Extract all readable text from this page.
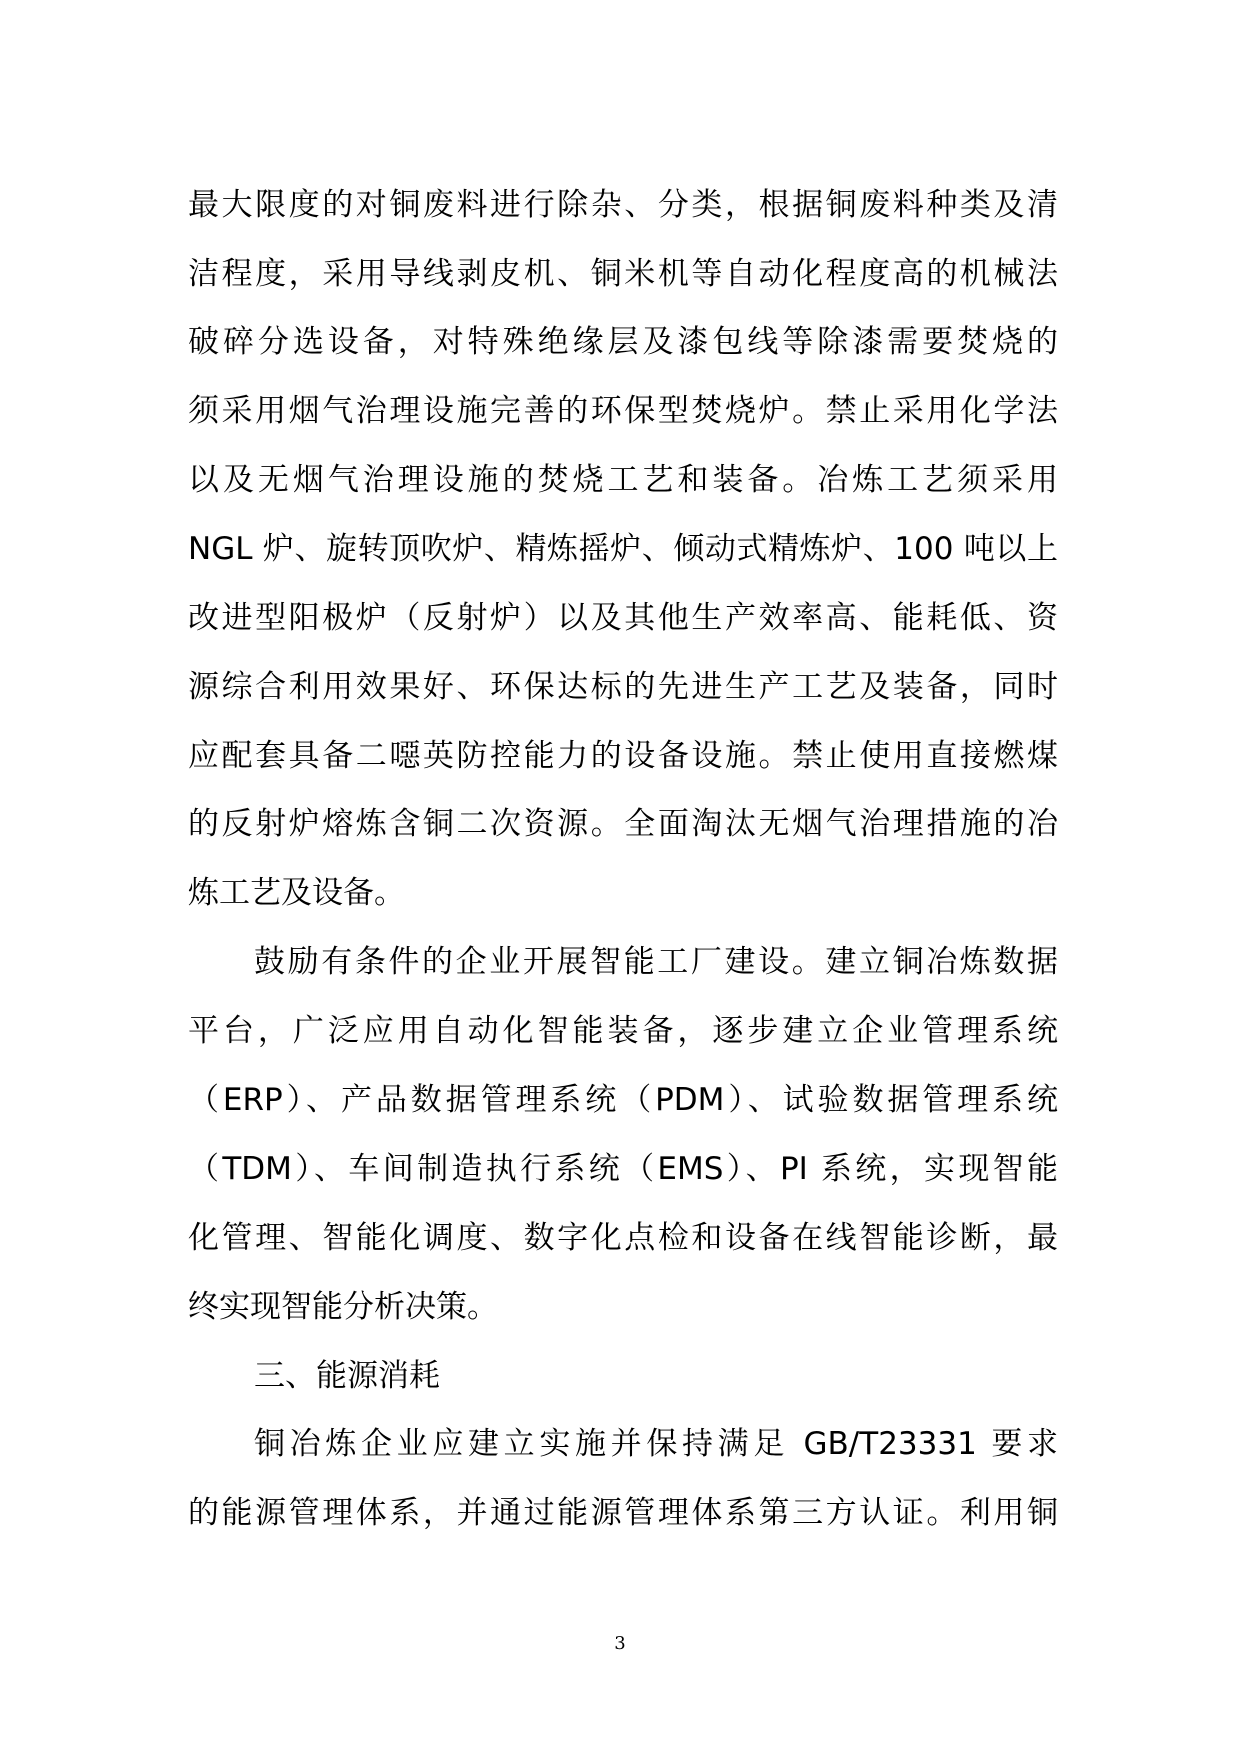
最大限度的对铜废料进行除杂、分类，根据铜废料种类及清
洁程度，采用导线剥皮机、铜米机等自动化程度高的机械法
破碎分选设备，对特殊绝缘层及漆包线等除漆需要焚烧的
须采用烟气治理设施完善的环保型焚烧炉。禁止采用化学法
以及无烟气治理设施的焚烧工艺和装备。冶炼工艺须采用
NGL 炉、旋转顶吹炉、精炼摇炉、倾动式精炼炉、100 吨以上
改进型阳极炉（反射炉）以及其他生产效率高、能耗低、资
源综合利用效果好、环保达标的先进生产工艺及装备，同时
应配套具备二噁英防控能力的设备设施。禁止使用直接燃煤
的反射炉熔炼含铜二次资源。全面淘汰无烟气治理措施的冶
炼工艺及设备。
鼓励有条件的企业开展智能工厂建设。建立铜冶炼数据
平台，广泛应用自动化智能装备，逐步建立企业管理系统
（ERP）、产品数据管理系统（PDM）、试验数据管理系统
（TDM）、车间制造执行系统（EMS）、PI 系统，实现智能
化管理、智能化调度、数字化点检和设备在线智能诊断，最
终实现智能分析决策。
三、能源消耗
铜冶炼企业应建立实施并保持满足 GB/T23331 要求
的能源管理体系，并通过能源管理体系第三方认证。利用铜
3
